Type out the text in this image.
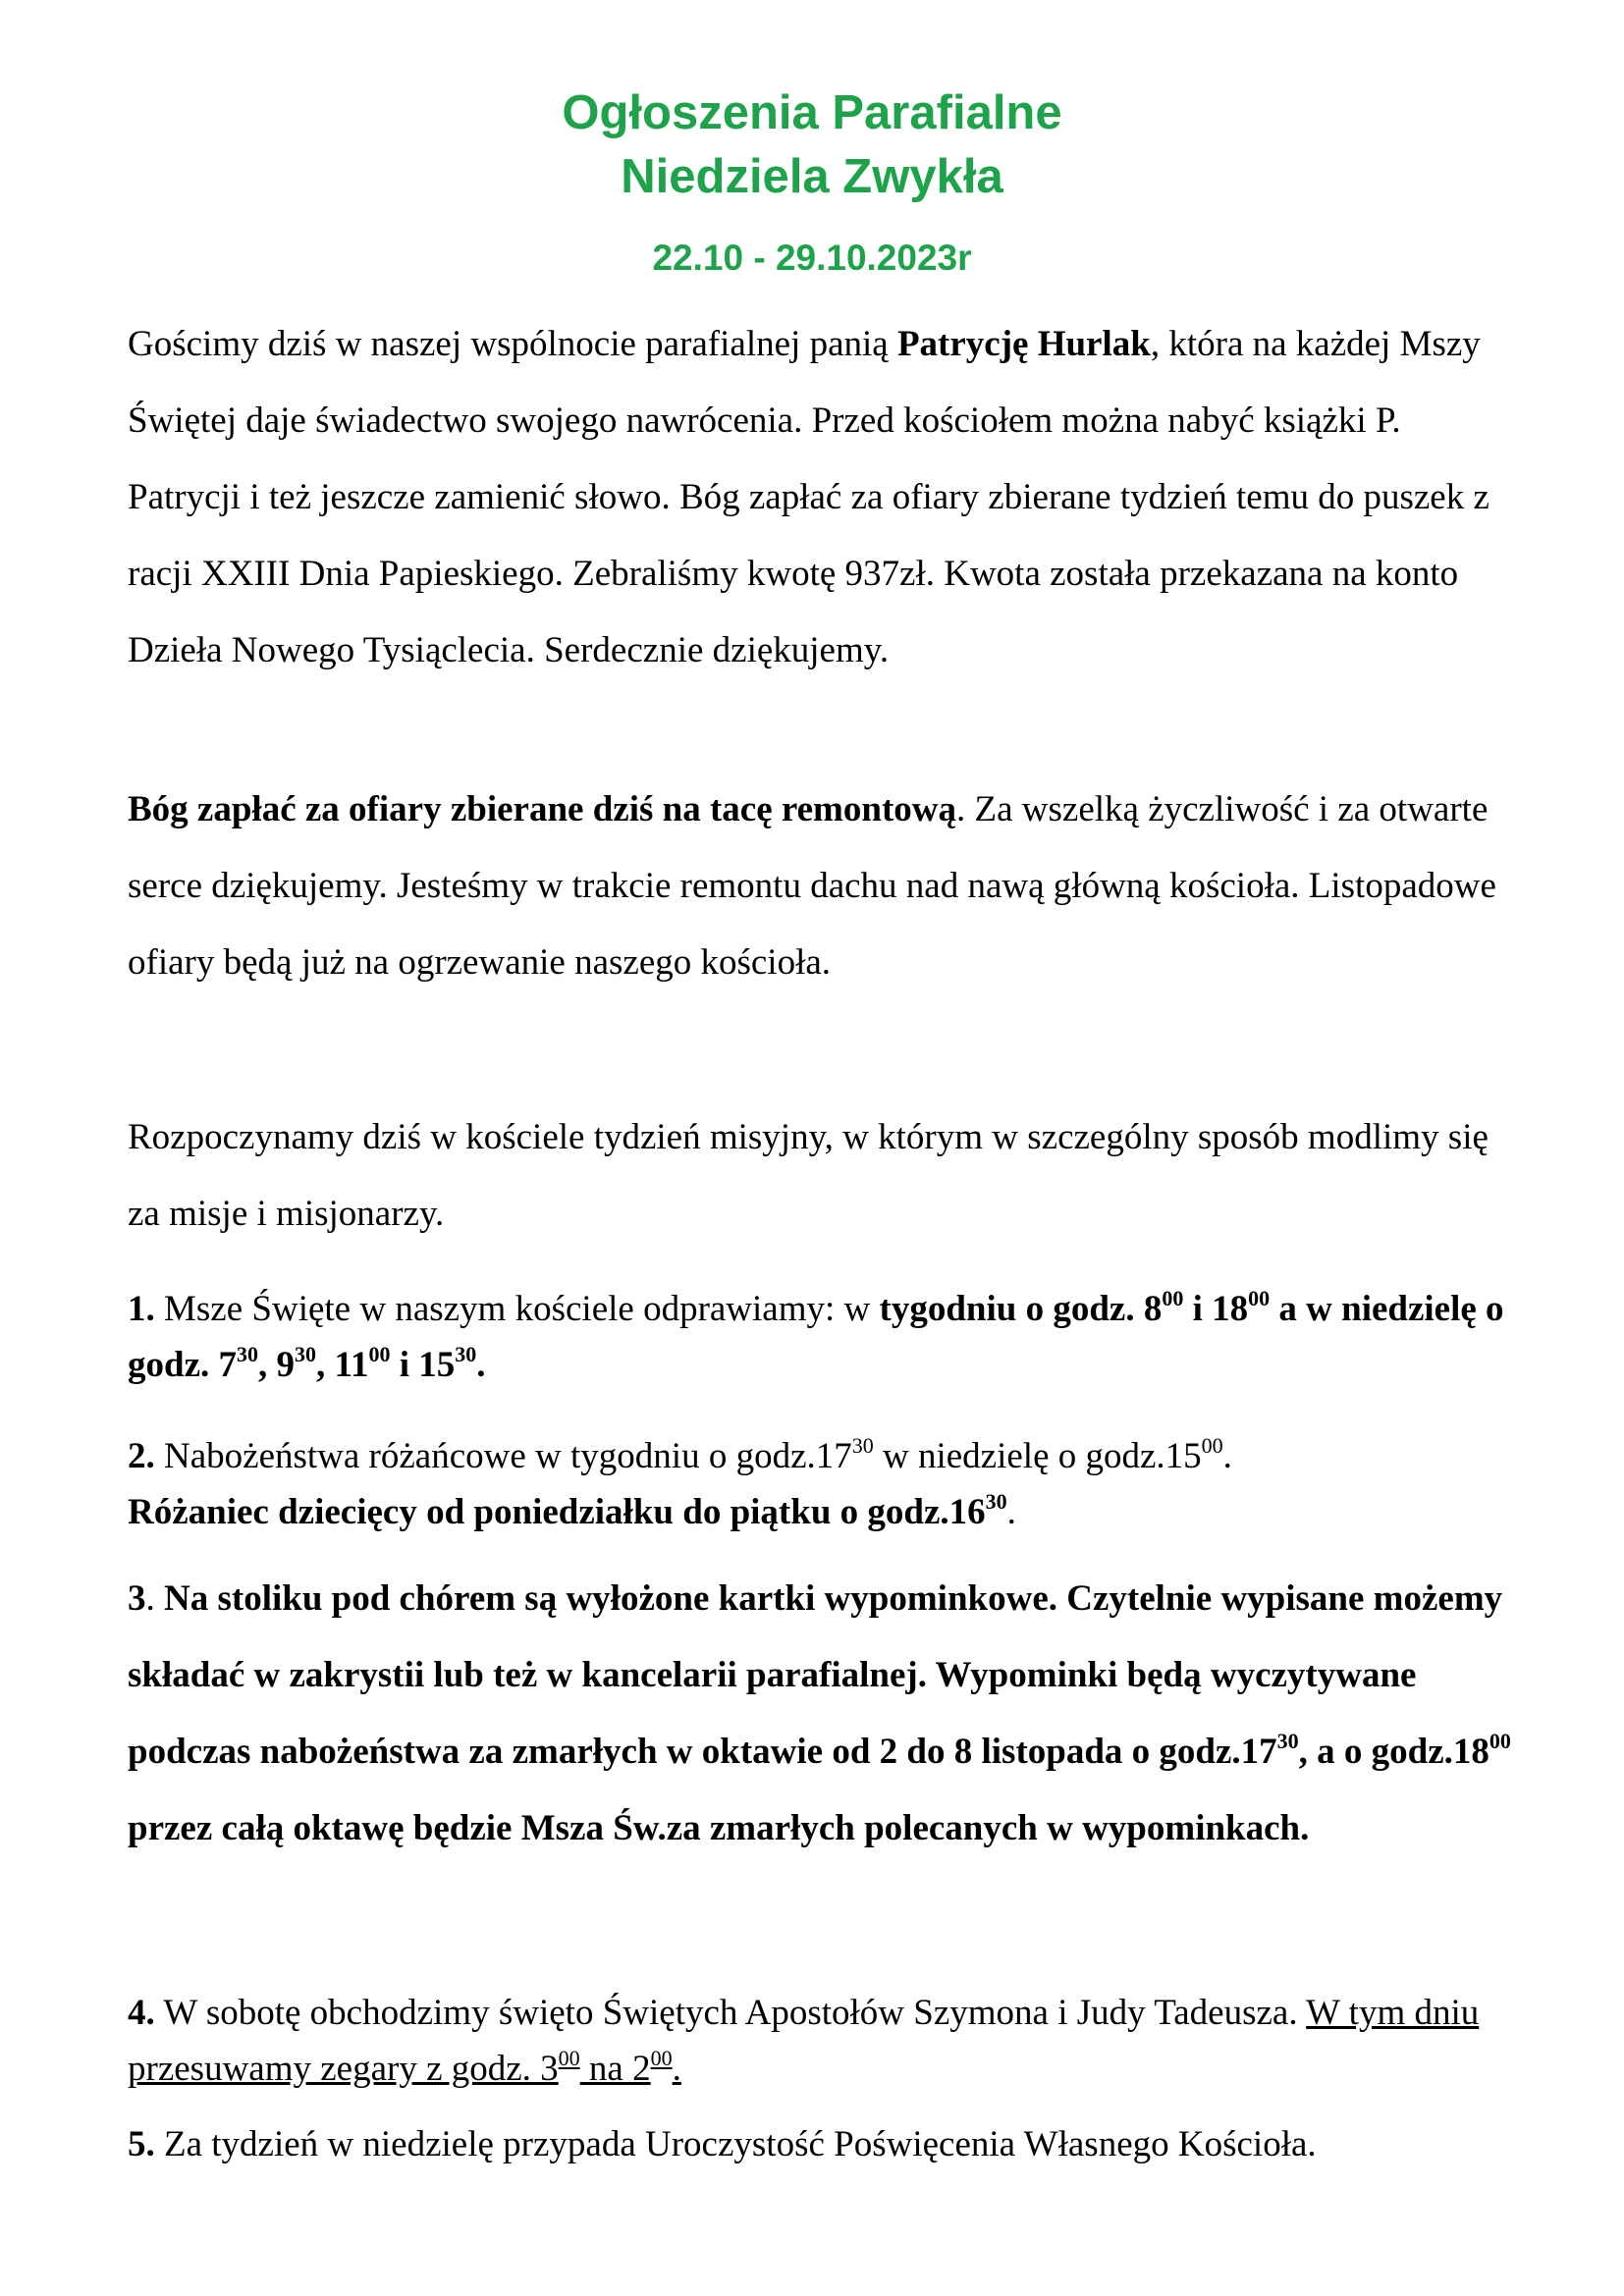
Ogłoszenia Parafialne
Niedziela Zwykła
22.10 - 29.10.2023r

Gościmy dziś w naszej wspólnocie parafialnej panią Patrycję Hurlak, która na każdej Mszy Świętej daje świadectwo swojego nawrócenia. Przed kościołem można nabyć książki P. Patrycji i też jeszcze zamienić słowo. Bóg zapłać za ofiary zbierane tydzień temu do puszek z racji XXIII Dnia Papieskiego. Zebraliśmy kwotę 937zł. Kwota została przekazana na konto Dzieła Nowego Tysiąclecia. Serdecznie dziękujemy.

Bóg zapłać za ofiary zbierane dziś na tacę remontową. Za wszelką życzliwość i za otwarte serce dziękujemy. Jesteśmy w trakcie remontu dachu nad nawą główną kościoła. Listopadowe ofiary będą już na ogrzewanie naszego kościoła.

Rozpoczynamy dziś w kościele tydzień misyjny, w którym w szczególny sposób modlimy się za misje i misjonarzy.

1. Msze Święte w naszym kościele odprawiamy: w tygodniu o godz. $8^{00}$ i $18^{00}$ a w niedzielę o godz. $7^{30}$, $9^{30}$, $11^{00}$ i $15^{30}$.

2. Nabożeństwa różańcowe w tygodniu o $godz.17^{30}$ w niedzielę o $godz.15^{00}$.
Różaniec dziecięcy od poniedziałku do piątku o $godz.16^{30}$.

3. Na stoliku pod chórem są wyłożone kartki wypominkowe. Czytelnie wypisane możemy składać w zakrystii lub też w kancelarii parafialnej. Wypominki będą wyczytywane podczas nabożeństwa za zmarłych w oktawie od 2 do 8 listopada o $godz.17^{30}$, a o $godz.18^{00}$ przez całą oktawę będzie Msza Św.za zmarłych polecanych w wypominkach.

4. W sobotę obchodzimy święto Świętych Apostołów Szymona i Judy Tadeusza. W tym dniu przesuwamy zegary z godz. $3^{00}$ na $2^{00}$.

5. Za tydzień w niedzielę przypada Uroczystość Poświęcenia Własnego Kościoła.
